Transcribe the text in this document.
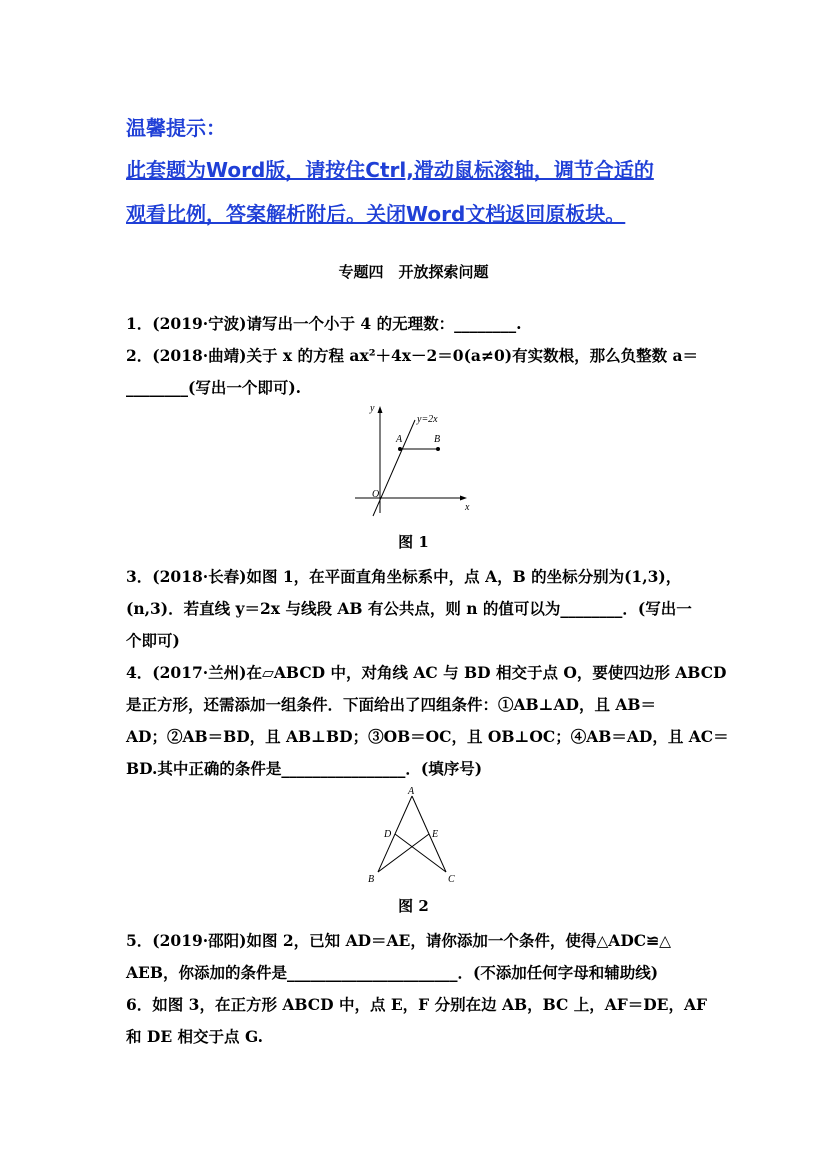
温馨提示：
此套题为Word版，请按住Ctrl,滑动鼠标滚轴，调节合适的
观看比例，答案解析附后。关闭Word文档返回原板块。
专题四　开放探索问题
1．(2019·宁波)请写出一个小于 4 的无理数：________.
2．(2018·曲靖)关于 x 的方程 ax²＋4x－2＝0(a≠0)有实数根，那么负整数 a＝
________(写出一个即可).
y
x
O
A	B
y=2x
图 1
3．(2018·长春)如图 1，在平面直角坐标系中，点 A，B 的坐标分别为(1,3)，
(n,3)．若直线 y＝2x 与线段 AB 有公共点，则 n 的值可以为________．(写出一
个即可)
4．(2017·兰州)在▱ABCD 中，对角线 AC 与 BD 相交于点 O，要使四边形 ABCD
是正方形，还需添加一组条件．下面给出了四组条件：①AB⊥AD，且 AB＝
AD；②AB＝BD，且 AB⊥BD；③OB＝OC，且 OB⊥OC；④AB＝AD，且 AC＝
BD.其中正确的条件是________________．(填序号)
A
B	C
D	E
图 2
5．(2019·邵阳)如图 2，已知 AD＝AE，请你添加一个条件，使得△ADC≌△
AEB，你添加的条件是______________________．(不添加任何字母和辅助线)
6．如图 3，在正方形 ABCD 中，点 E，F 分别在边 AB，BC 上，AF＝DE，AF
和 DE 相交于点 G.
